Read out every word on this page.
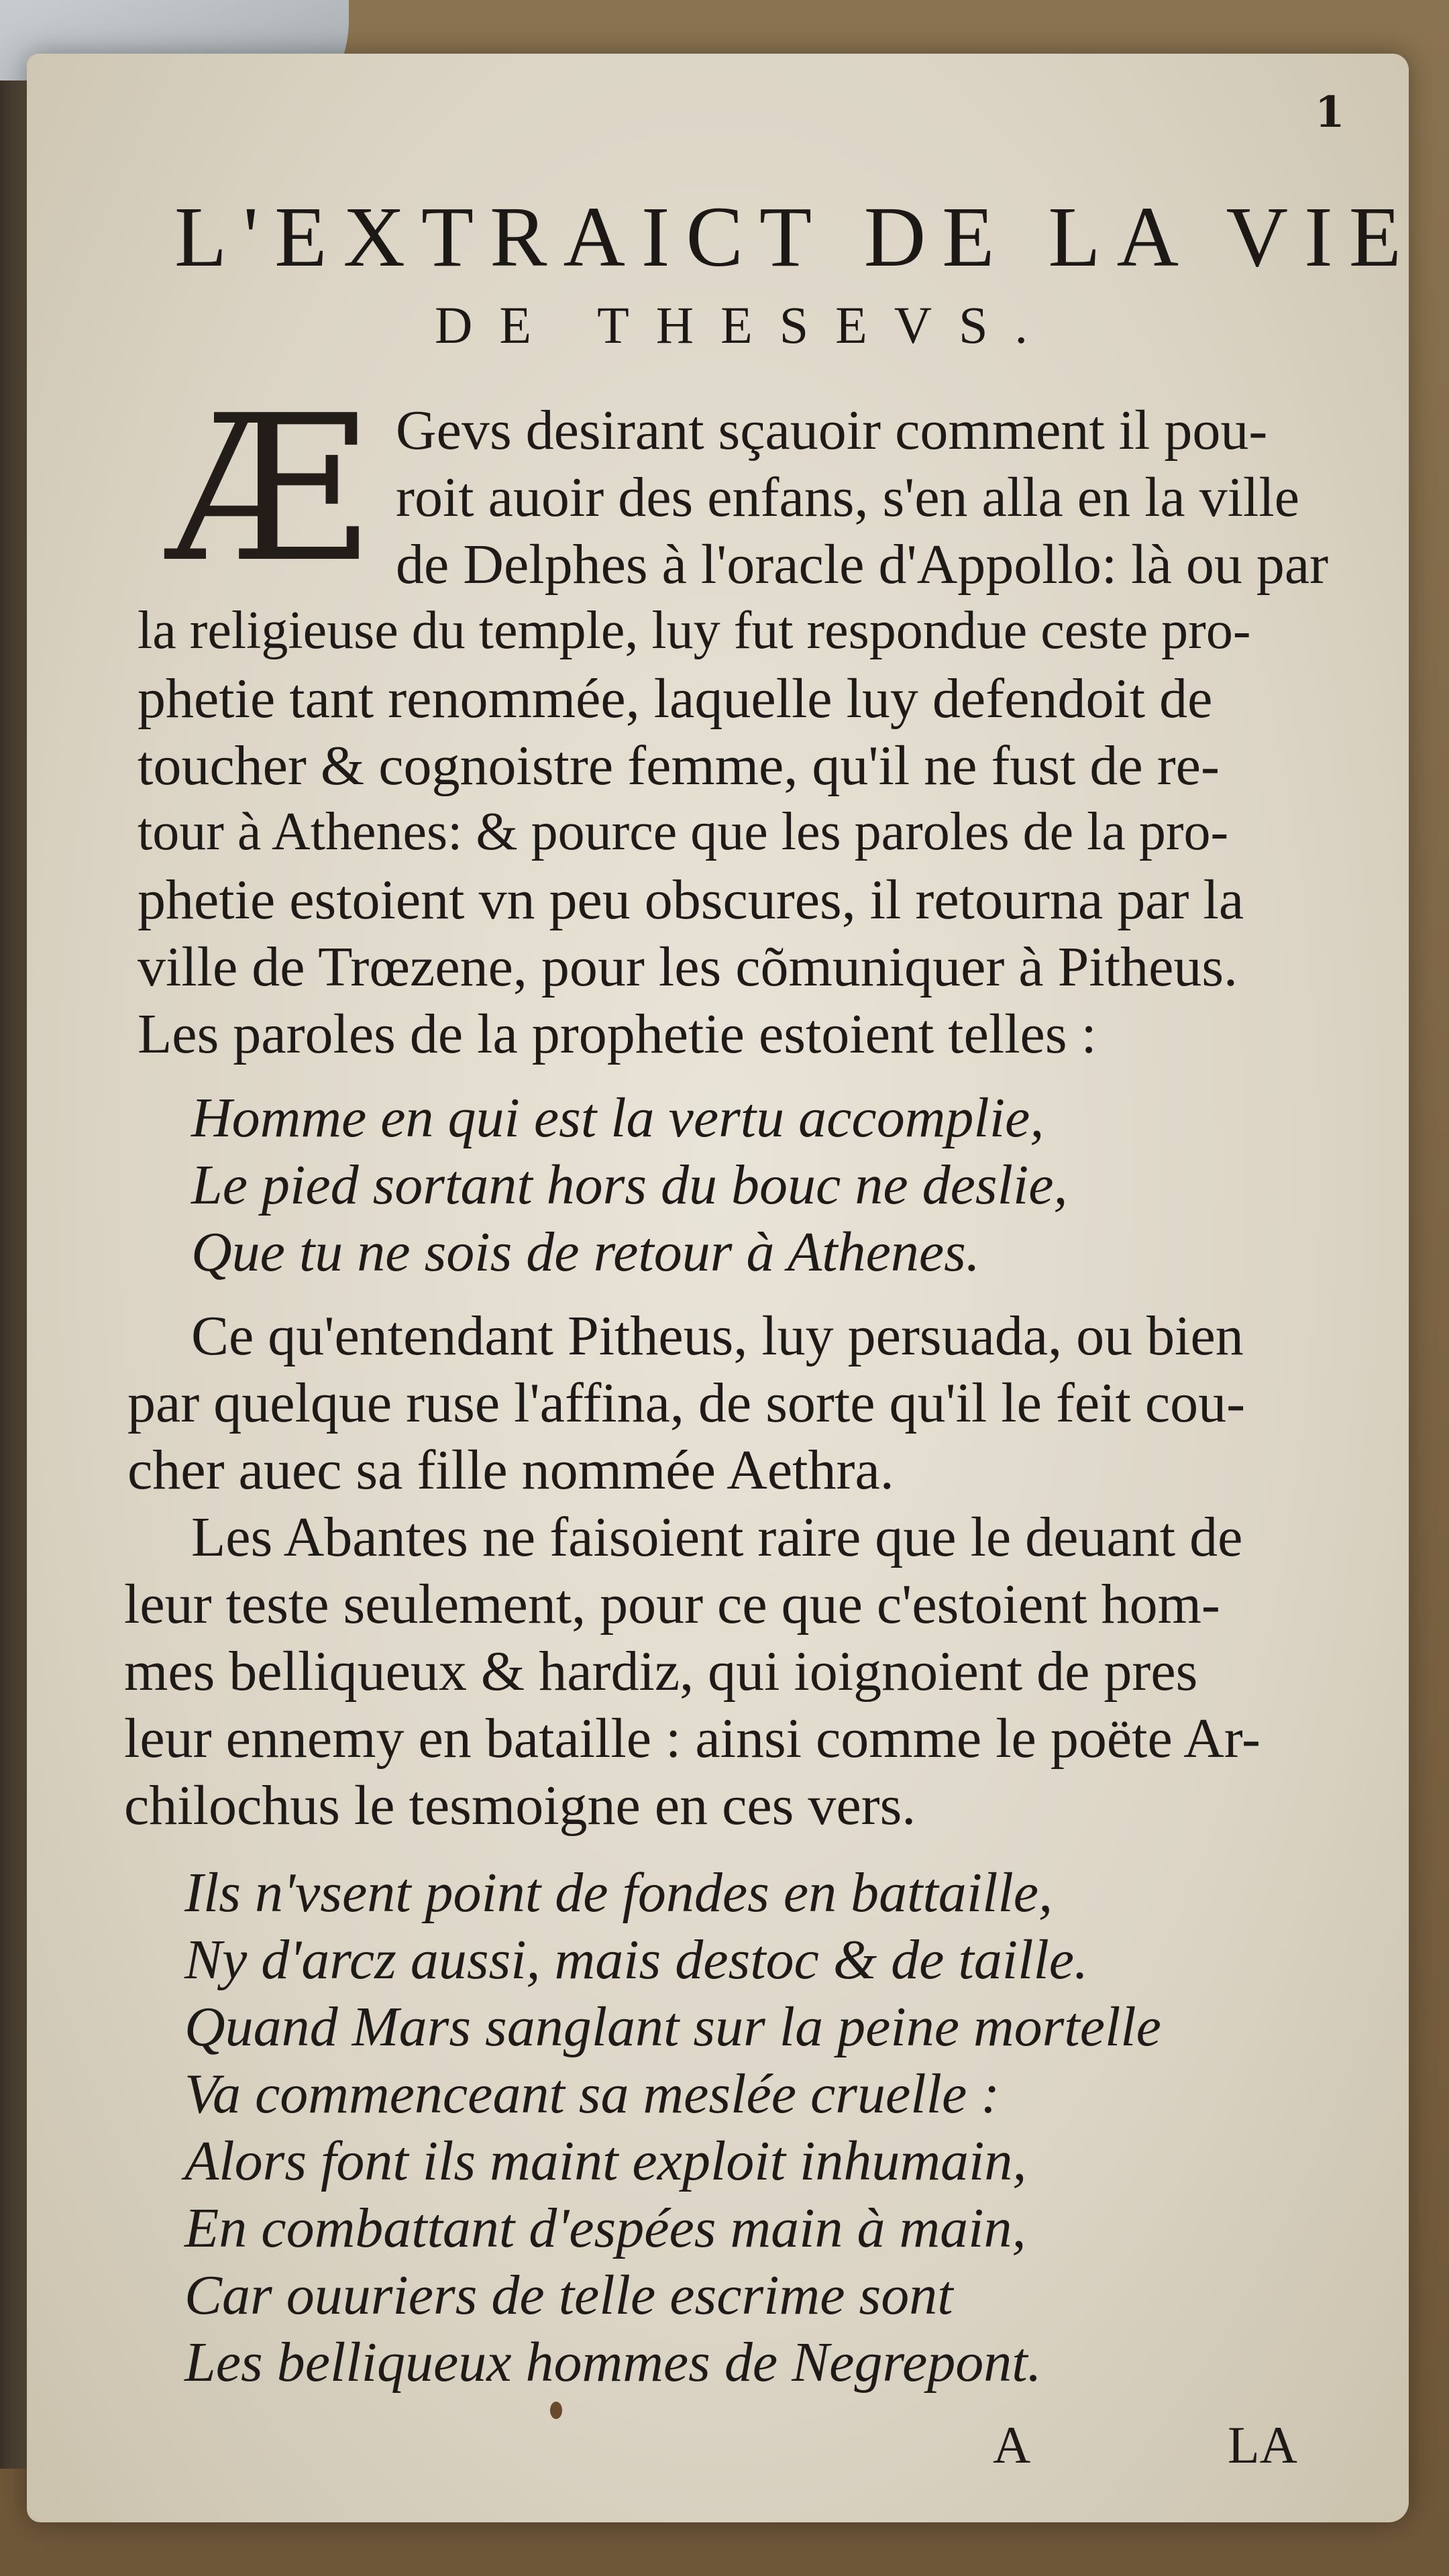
1
L'EXTRAICT DE LA VIE
DE THESEVS.
Æ Gevs desirant sçauoir comment il pou-
roit auoir des enfans, s'en alla en la ville
de Delphes à l'oracle d'Appollo: là ou par
la religieuse du temple, luy fut respondue ceste pro-
phetie tant renommée, laquelle luy defendoit de
toucher & cognoistre femme, qu'il ne fust de re-
tour à Athenes: & pource que les paroles de la pro-
phetie estoient vn peu obscures, il retourna par la
ville de Trœzene, pour les cõmuniquer à Pitheus.
Les paroles de la prophetie estoient telles :
Homme en qui est la vertu accomplie,
Le pied sortant hors du bouc ne deslie,
Que tu ne sois de retour à Athenes.
Ce qu'entendant Pitheus, luy persuada, ou bien
par quelque ruse l'affina, de sorte qu'il le feit cou-
cher auec sa fille nommée Aethra.
Les Abantes ne faisoient raire que le deuant de
leur teste seulement, pour ce que c'estoient hom-
mes belliqueux & hardiz, qui ioignoient de pres
leur ennemy en bataille : ainsi comme le poëte Ar-
chilochus le tesmoigne en ces vers.
Ils n'vsent point de fondes en battaille,
Ny d'arcz aussi, mais destoc & de taille.
Quand Mars sanglant sur la peine mortelle
Va commenceant sa meslée cruelle :
Alors font ils maint exploit inhumain,
En combattant d'espées main à main,
Car ouuriers de telle escrime sont
Les belliqueux hommes de Negrepont.
A	LA
